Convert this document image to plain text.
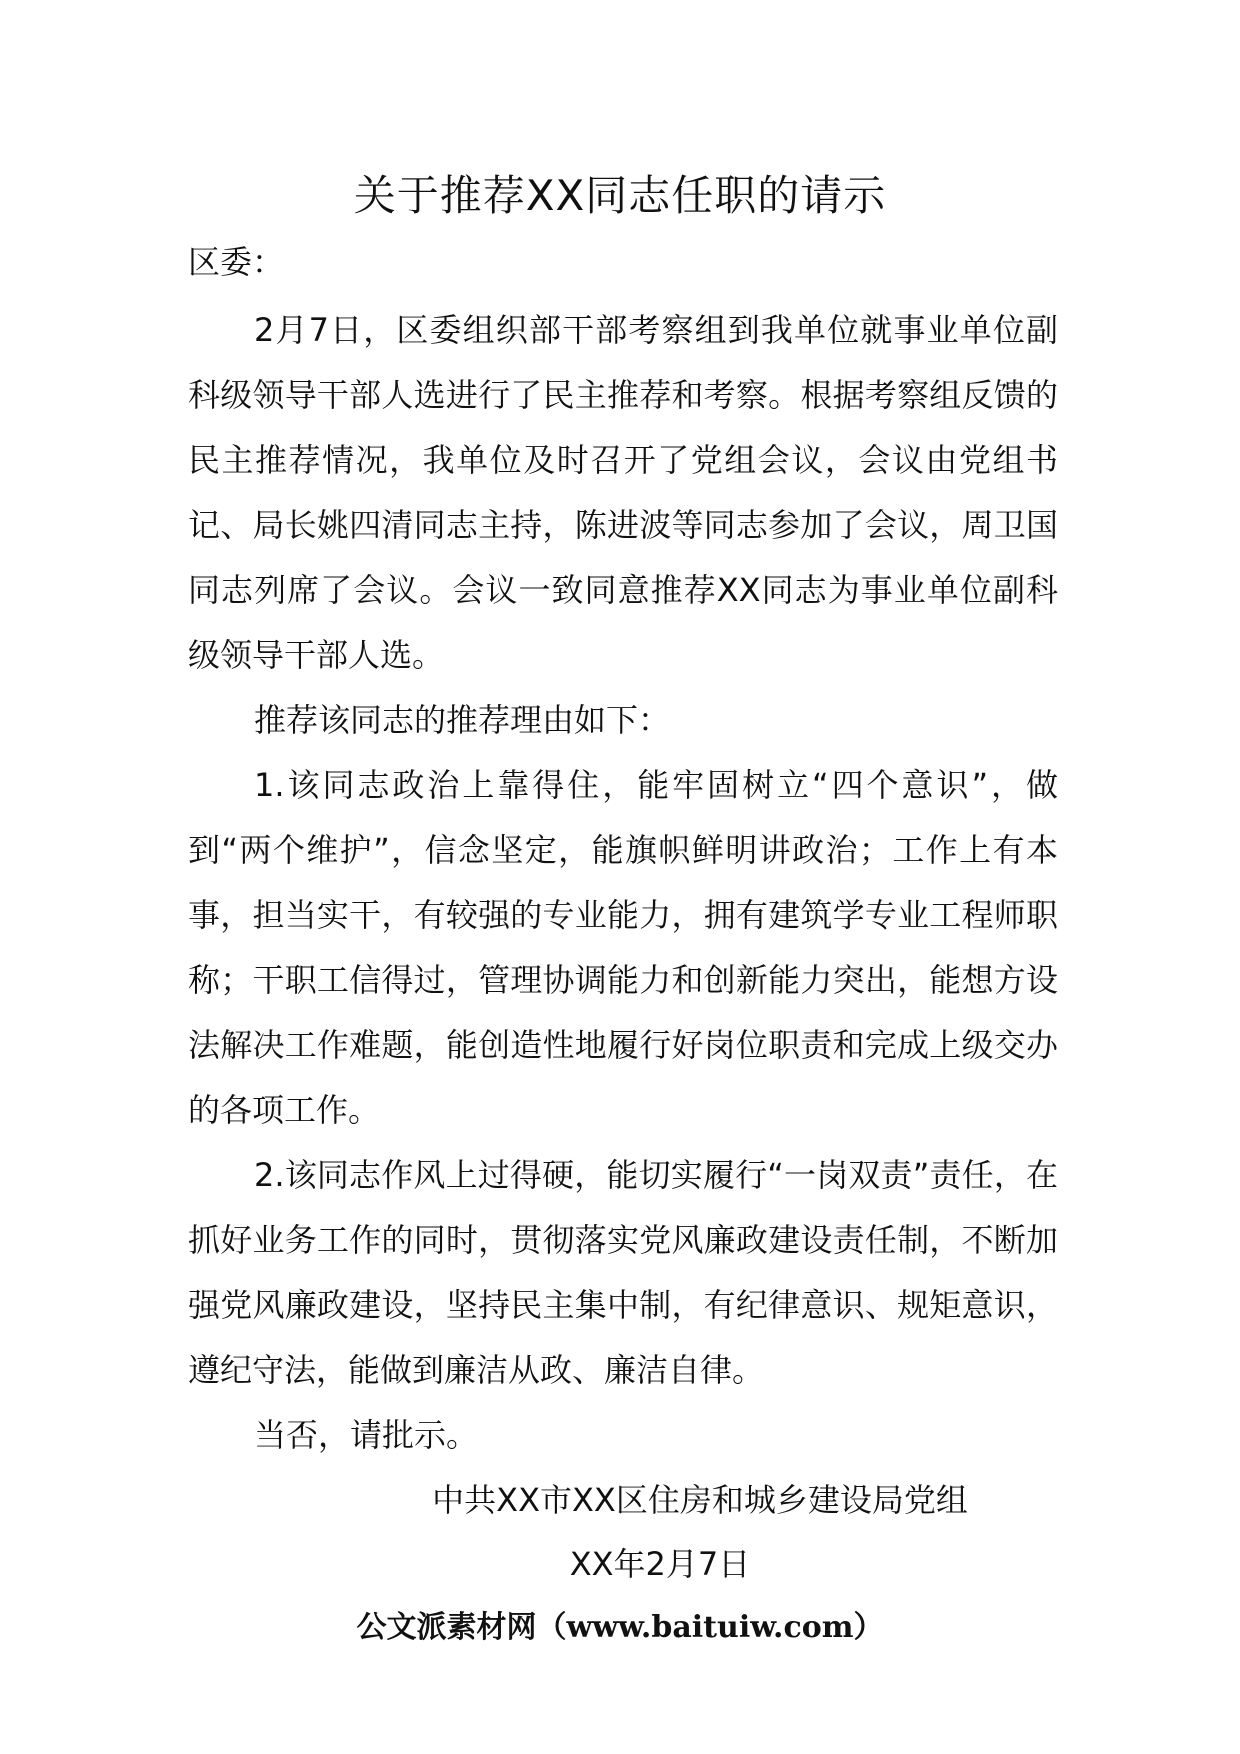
关于推荐XX同志任职的请示
区委：

2月7日，区委组织部干部考察组到我单位就事业单位副科级领导干部人选进行了民主推荐和考察。根据考察组反馈的民主推荐情况，我单位及时召开了党组会议，会议由党组书记、局长姚四清同志主持，陈进波等同志参加了会议，周卫国同志列席了会议。会议一致同意推荐XX同志为事业单位副科级领导干部人选。

推荐该同志的推荐理由如下：

1.该同志政治上靠得住，能牢固树立“四个意识”，做到“两个维护”，信念坚定，能旗帜鲜明讲政治；工作上有本事，担当实干，有较强的专业能力，拥有建筑学专业工程师职称；干职工信得过，管理协调能力和创新能力突出，能想方设法解决工作难题，能创造性地履行好岗位职责和完成上级交办的各项工作。

2.该同志作风上过得硬，能切实履行“一岗双责”责任，在抓好业务工作的同时，贯彻落实党风廉政建设责任制，不断加强党风廉政建设，坚持民主集中制，有纪律意识、规矩意识，遵纪守法，能做到廉洁从政、廉洁自律。

当否，请批示。

中共XX市XX区住房和城乡建设局党组
XX年2月7日
公文派素材网（www.baituiw.com）
